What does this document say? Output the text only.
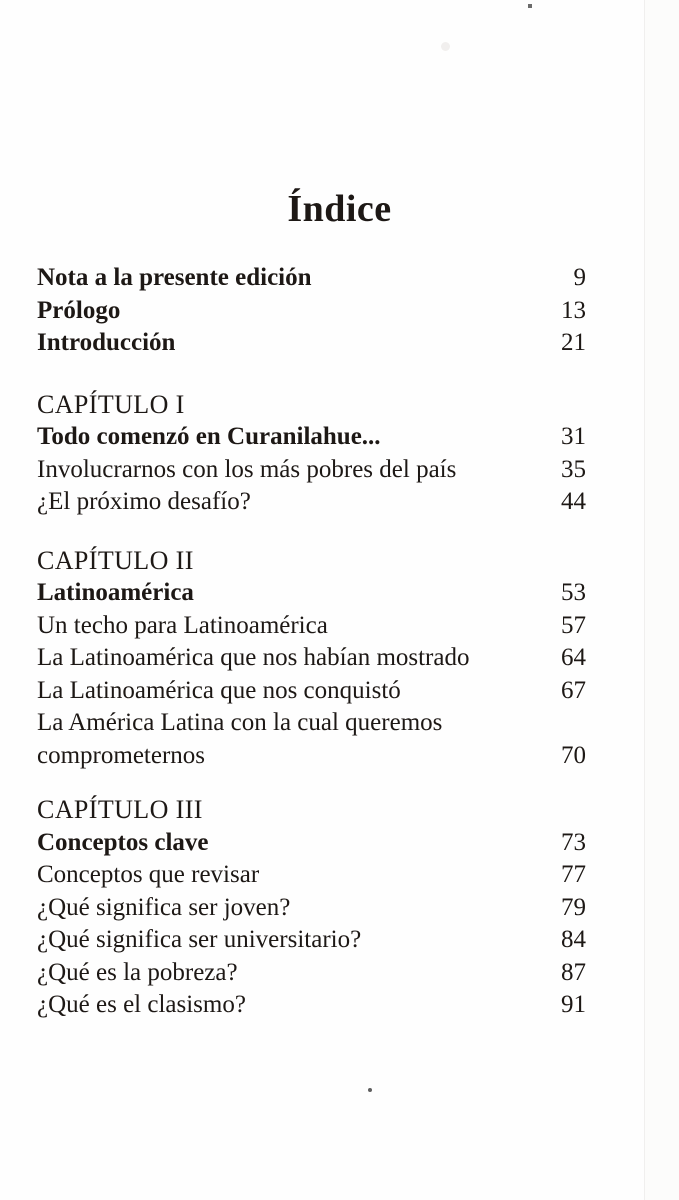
Índice
Nota a la presente edición	9
Prólogo	13
Introducción	21
CAPÍTULO I
Todo comenzó en Curanilahue...	31
Involucrarnos con los más pobres del país	35
¿El próximo desafío?	44
CAPÍTULO II
Latinoamérica	53
Un techo para Latinoamérica	57
La Latinoamérica que nos habían mostrado	64
La Latinoamérica que nos conquistó	67
La América Latina con la cual queremos comprometernos	70
CAPÍTULO III
Conceptos clave	73
Conceptos que revisar	77
¿Qué significa ser joven?	79
¿Qué significa ser universitario?	84
¿Qué es la pobreza?	87
¿Qué es el clasismo?	91
